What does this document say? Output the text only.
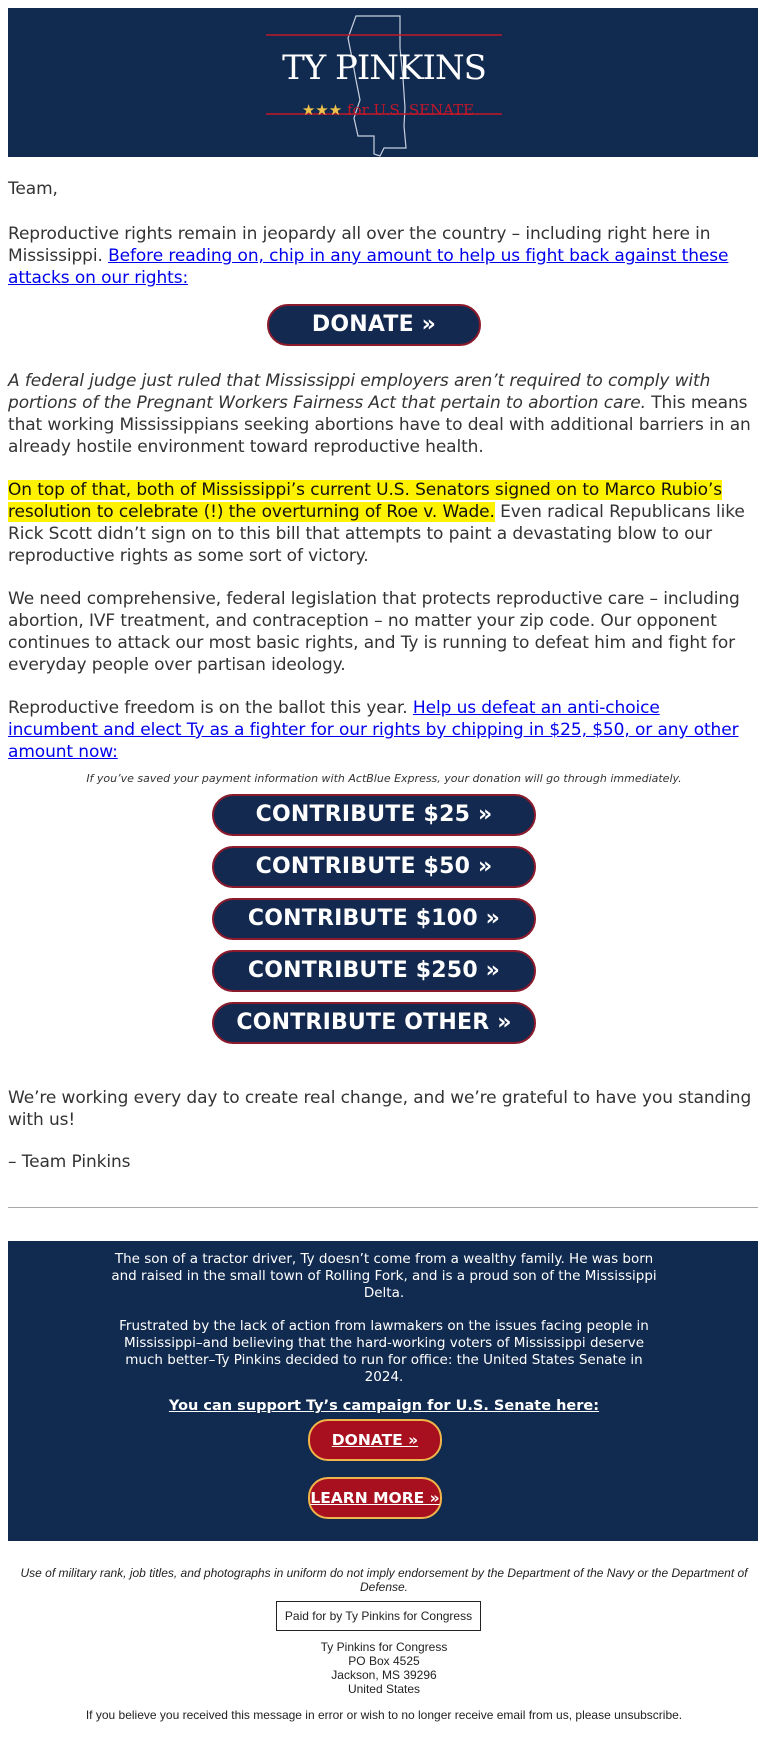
TY PINKINS
★★★ for U.S. SENATE

Team,

Reproductive rights remain in jeopardy all over the country – including right here in Mississippi. Before reading on, chip in any amount to help us fight back against these attacks on our rights:

DONATE »

A federal judge just ruled that Mississippi employers aren’t required to comply with portions of the Pregnant Workers Fairness Act that pertain to abortion care. This means that working Mississippians seeking abortions have to deal with additional barriers in an already hostile environment toward reproductive health.

On top of that, both of Mississippi’s current U.S. Senators signed on to Marco Rubio’s resolution to celebrate (!) the overturning of Roe v. Wade. Even radical Republicans like Rick Scott didn’t sign on to this bill that attempts to paint a devastating blow to our reproductive rights as some sort of victory.

We need comprehensive, federal legislation that protects reproductive care – including abortion, IVF treatment, and contraception – no matter your zip code. Our opponent continues to attack our most basic rights, and Ty is running to defeat him and fight for everyday people over partisan ideology.

Reproductive freedom is on the ballot this year. Help us defeat an anti-choice incumbent and elect Ty as a fighter for our rights by chipping in $25, $50, or any other amount now:

If you’ve saved your payment information with ActBlue Express, your donation will go through immediately.
CONTRIBUTE $25 »
CONTRIBUTE $50 »
CONTRIBUTE $100 »
CONTRIBUTE $250 »
CONTRIBUTE OTHER »

We’re working every day to create real change, and we’re grateful to have you standing with us!

– Team Pinkins

The son of a tractor driver, Ty doesn’t come from a wealthy family. He was born and raised in the small town of Rolling Fork, and is a proud son of the Mississippi Delta.

Frustrated by the lack of action from lawmakers on the issues facing people in Mississippi–and believing that the hard-working voters of Mississippi deserve much better–Ty Pinkins decided to run for office: the United States Senate in 2024.

You can support Ty’s campaign for U.S. Senate here:
DONATE »
LEARN MORE »
Use of military rank, job titles, and photographs in uniform do not imply endorsement by the Department of the Navy or the Department of Defense.
Paid for by Ty Pinkins for Congress
Ty Pinkins for Congress
PO Box 4525
Jackson, MS 39296
United States
If you believe you received this message in error or wish to no longer receive email from us, please unsubscribe.
